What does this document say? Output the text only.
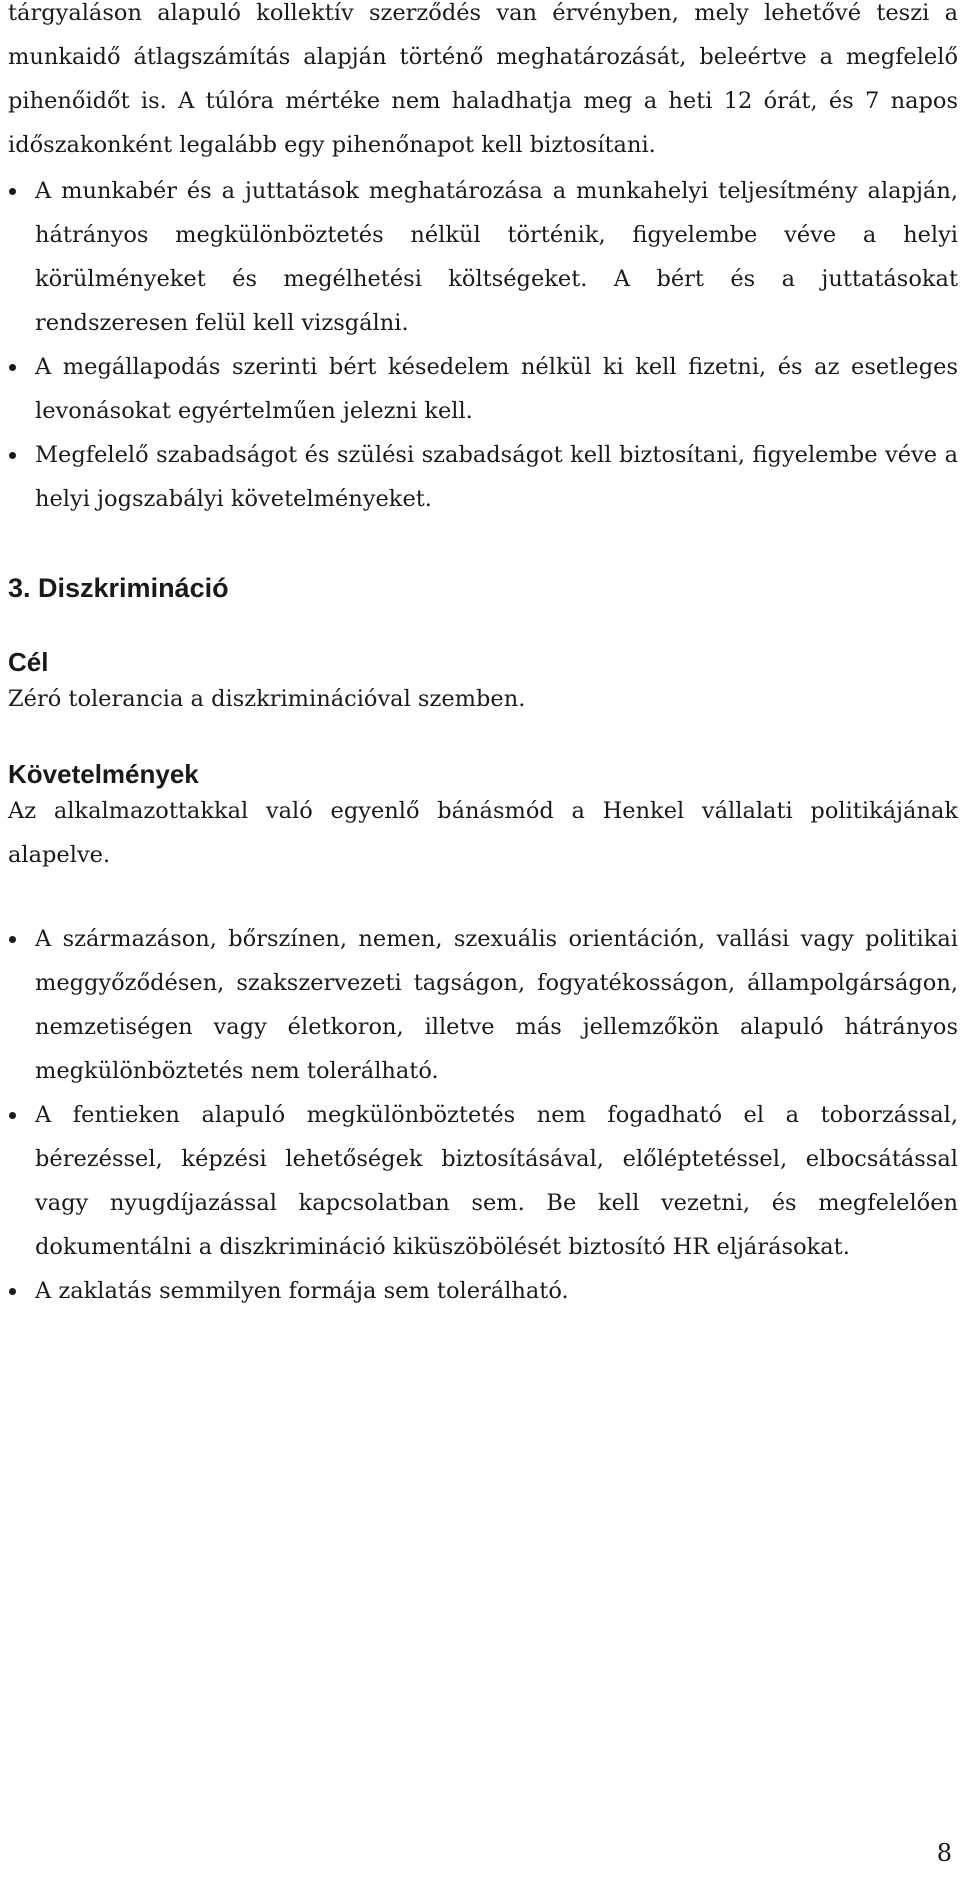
tárgyaláson alapuló kollektív szerződés van érvényben, mely lehetővé teszi a munkaidő átlagszámítás alapján történő meghatározását, beleértve a megfelelő pihenőidőt is. A túlóra mértéke nem haladhatja meg a heti 12 órát, és 7 napos időszakonként legalább egy pihenőnapot kell biztosítani.

A munkabér és a juttatások meghatározása a munkahelyi teljesítmény alapján, hátrányos megkülönböztetés nélkül történik, figyelembe véve a helyi körülményeket és megélhetési költségeket. A bért és a juttatásokat rendszeresen felül kell vizsgálni.
A megállapodás szerinti bért késedelem nélkül ki kell fizetni, és az esetleges levonásokat egyértelműen jelezni kell.
Megfelelő szabadságot és szülési szabadságot kell biztosítani, figyelembe véve a helyi jogszabályi követelményeket.
3. Diszkrimináció
Cél

Zéró tolerancia a diszkriminációval szemben.

Követelmények

Az alkalmazottakkal való egyenlő bánásmód a Henkel vállalati politikájának alapelve.

A származáson, bőrszínen, nemen, szexuális orientáción, vallási vagy politikai meggyőződésen, szakszervezeti tagságon, fogyatékosságon, állampolgárságon, nemzetiségen vagy életkoron, illetve más jellemzőkön alapuló hátrányos megkülönböztetés nem tolerálható.
A fentieken alapuló megkülönböztetés nem fogadható el a toborzással, bérezéssel, képzési lehetőségek biztosításával, előléptetéssel, elbocsátással vagy nyugdíjazással kapcsolatban sem. Be kell vezetni, és megfelelően dokumentálni a diszkrimináció kiküszöbölését biztosító HR eljárásokat.
A zaklatás semmilyen formája sem tolerálható.
8
